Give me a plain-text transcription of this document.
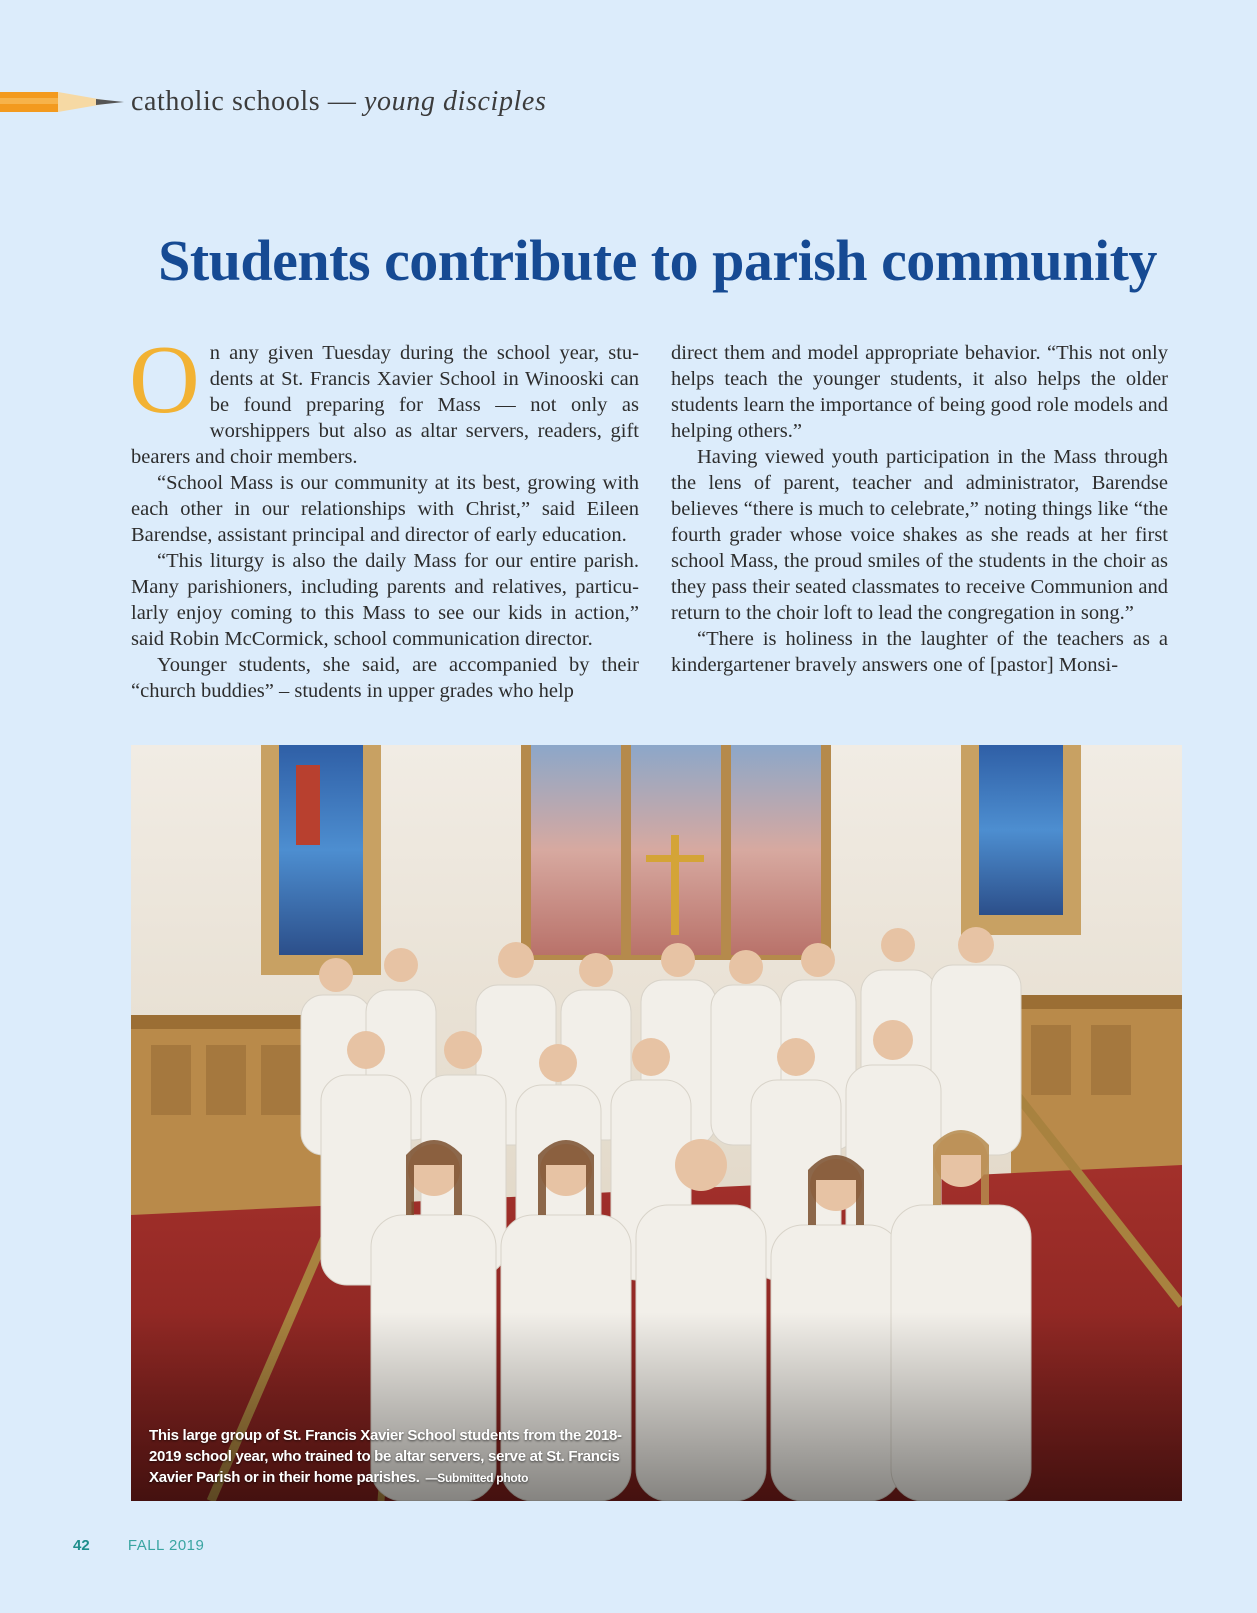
catholic schools — young disciples
Students contribute to parish community

On any given Tuesday during the school year, students at St. Francis Xavier School in Winooski can be found preparing for Mass — not only as worshippers but also as altar servers, readers, gift bearers and choir members.

“School Mass is our community at its best, growing with each other in our relationships with Christ,” said Eileen Barendse, assistant principal and director of early education.

“This liturgy is also the daily Mass for our entire parish. Many parishioners, including parents and relatives, particularly enjoy coming to this Mass to see our kids in action,” said Robin McCormick, school communication director.

Younger students, she said, are accompanied by their “church buddies” – students in upper grades who help

direct them and model appropriate behavior. “This not only helps teach the younger students, it also helps the older students learn the importance of being good role models and helping others.”

Having viewed youth participation in the Mass through the lens of parent, teacher and administrator, Barendse believes “there is much to celebrate,” noting things like “the fourth grader whose voice shakes as she reads at her first school Mass, the proud smiles of the students in the choir as they pass their seated classmates to receive Communion and return to the choir loft to lead the congregation in song.”

“There is holiness in the laughter of the teachers as a kindergartener bravely answers one of [pastor] Monsi-

This large group of St. Francis Xavier School students from the 2018-2019 school year, who trained to be altar servers, serve at St. Francis Xavier Parish or in their home parishes. —Submitted photo
42	FALL 2019
